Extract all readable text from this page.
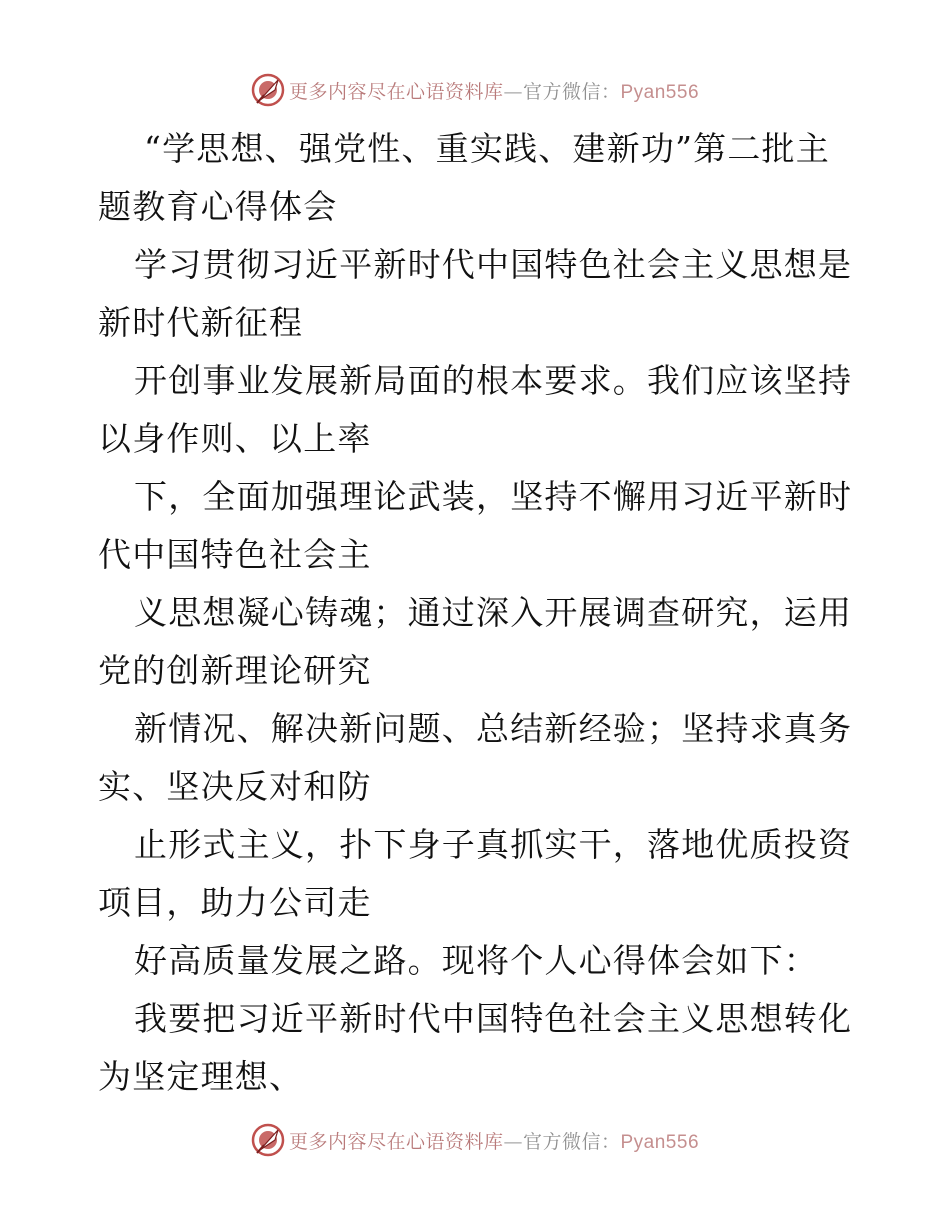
更多内容尽在心语资料库—官方微信：Pyan556
“学思想、强党性、重实践、建新功”第二批主
题教育心得体会
学习贯彻习近平新时代中国特色社会主义思想是
新时代新征程
开创事业发展新局面的根本要求。我们应该坚持
以身作则、以上率
下，全面加强理论武装，坚持不懈用习近平新时
代中国特色社会主
义思想凝心铸魂；通过深入开展调查研究，运用
党的创新理论研究
新情况、解决新问题、总结新经验；坚持求真务
实、坚决反对和防
止形式主义，扑下身子真抓实干，落地优质投资
项目，助力公司走
好高质量发展之路。现将个人心得体会如下：
我要把习近平新时代中国特色社会主义思想转化
为坚定理想、
更多内容尽在心语资料库—官方微信：Pyan556
